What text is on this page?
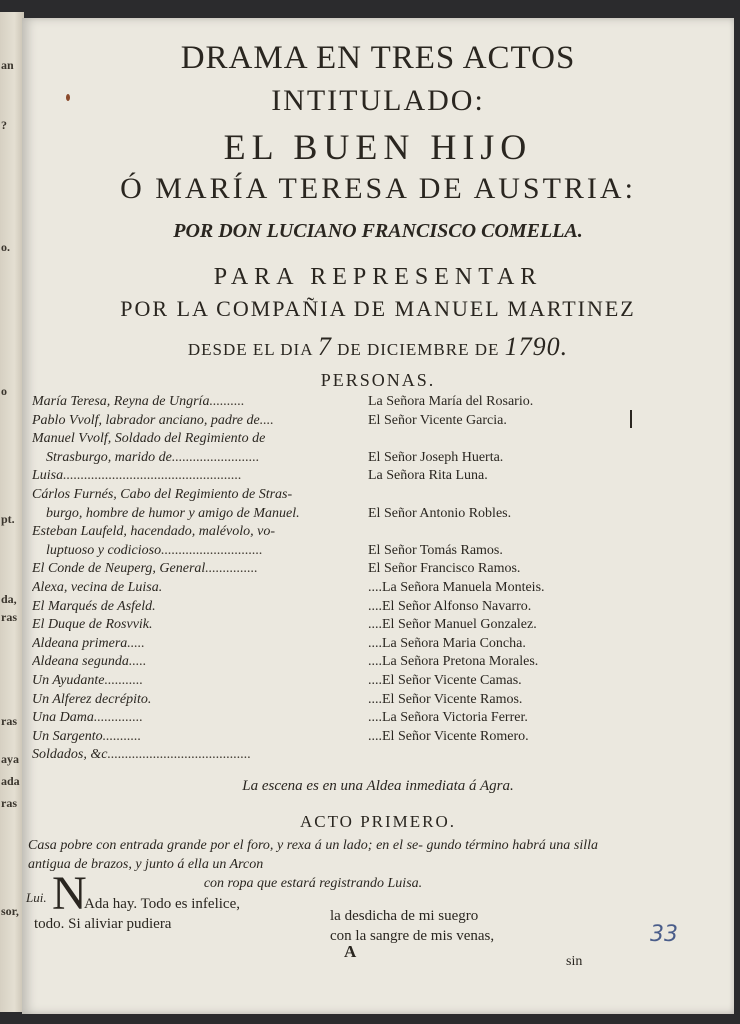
an
?
o.
o
pt.
da,
ras
ras
aya
ada
ras
sor,
DRAMA EN TRES ACTOS
INTITULADO:
EL BUEN HIJO
Ó MARÍA TERESA DE AUSTRIA:
POR DON LUCIANO FRANCISCO COMELLA.
PARA REPRESENTAR
POR LA COMPAÑIA DE MANUEL MARTINEZ
DESDE EL DIA 7 DE DICIEMBRE DE 1790.
PERSONAS.
María Teresa, Reyna de Ungría..........	La Señora María del Rosario.
Pablo Vvolf, labrador anciano, padre de....	El Señor Vicente Garcia.
Manuel Vvolf, Soldado del Regimiento de
Strasburgo, marido de.........................	El Señor Joseph Huerta.
Luisa...................................................	La Señora Rita Luna.
Cárlos Furnés, Cabo del Regimiento de Stras-
burgo, hombre de humor y amigo de Manuel.	El Señor Antonio Robles.
Esteban Laufeld, hacendado, malévolo, vo-
luptuoso y codicioso.............................	El Señor Tomás Ramos.
El Conde de Neuperg, General...............	El Señor Francisco Ramos.
Alexa, vecina de Luisa.	....La Señora Manuela Monteis.
El Marqués de Asfeld.	....El Señor Alfonso Navarro.
El Duque de Rosvvik.	....El Señor Manuel Gonzalez.
Aldeana primera.....	....La Señora Maria Concha.
Aldeana segunda.....	....La Señora Pretona Morales.
Un Ayudante...........	....El Señor Vicente Camas.
Un Alferez decrépito.	....El Señor Vicente Ramos.
Una Dama..............	....La Señora Victoria Ferrer.
Un Sargento...........	....El Señor Vicente Romero.
Soldados, &c.........................................
La escena es en una Aldea inmediata á Agra.
ACTO PRIMERO.
Casa pobre con entrada grande por el foro, y rexa á un lado; en el se- gundo término habrá una silla antigua de brazos, y junto á ella un Arcon
con ropa que estará registrando Luisa.
Lui. N
Ada hay. Todo es infelice,
todo. Si aliviar pudiera	la desdicha de mi suegro
con la sangre de mis venas,
A
sin
33
